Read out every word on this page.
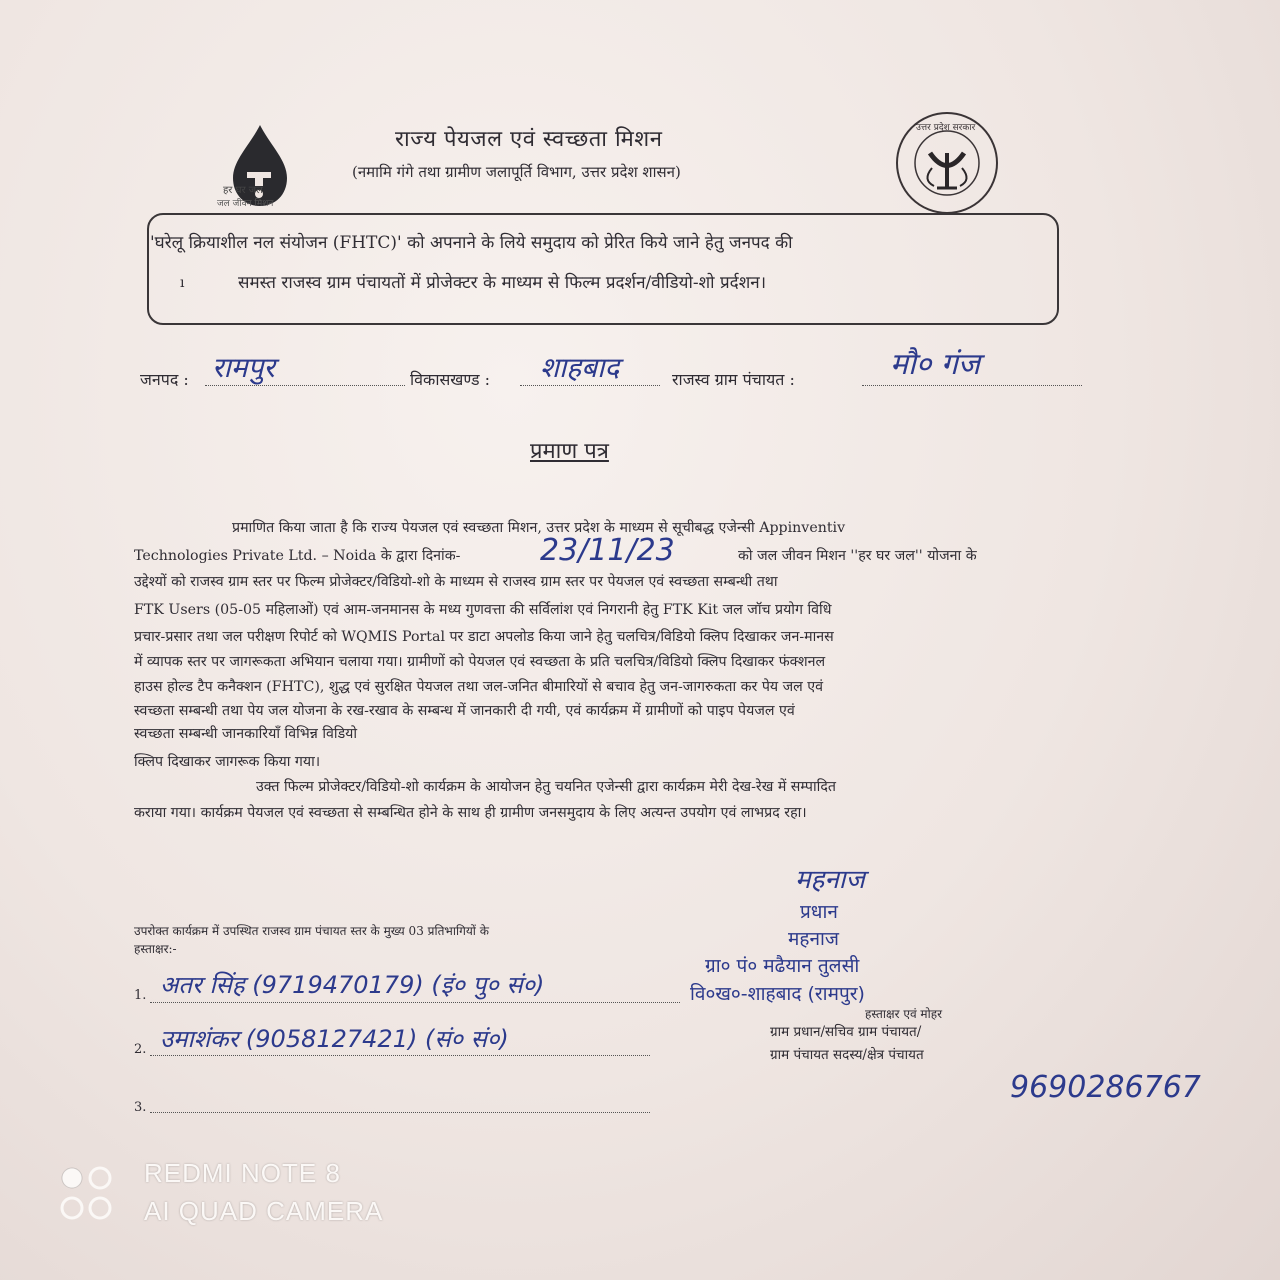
हर घर जल
जल जीवन मिशन
राज्य पेयजल एवं स्वच्छता मिशन
(नमामि गंगे तथा ग्रामीण जलापूर्ति विभाग, उत्तर प्रदेश शासन)
उत्तर प्रदेश सरकार
'घरेलू क्रियाशील नल संयोजन (FHTC)' को अपनाने के लिये समुदाय को प्रेरित किये जाने हेतु जनपद की
ı	समस्त राजस्व ग्राम पंचायतों में प्रोजेक्टर के माध्यम से फिल्म प्रदर्शन/वीडियो-शो प्रर्दशन।
जनपद : रामपुर	विकासखण्ड : शाहबाद	राजस्व ग्राम पंचायत :	मौ० गंज
प्रमाण पत्र
प्रमाणित किया जाता है कि राज्य पेयजल एवं स्वच्छता मिशन, उत्तर प्रदेश के माध्यम से सूचीबद्ध एजेन्सी Appinventiv
Technologies Private Ltd. – Noida के द्वारा दिनांक-	23/11/23	को जल जीवन मिशन ''हर घर जल'' योजना के
उद्देश्यों को राजस्व ग्राम स्तर पर फिल्म प्रोजेक्टर/विडियो-शो के माध्यम से राजस्व ग्राम स्तर पर पेयजल एवं स्वच्छता सम्बन्धी तथा
FTK Users (05-05 महिलाओं) एवं आम-जनमानस के मध्य गुणवत्ता की सर्विलांश एवं निगरानी हेतु FTK Kit जल जॉच प्रयोग विधि
प्रचार-प्रसार तथा जल परीक्षण रिपोर्ट को WQMIS Portal पर डाटा अपलोड किया जाने हेतु चलचित्र/विडियो क्लिप दिखाकर जन-मानस
में व्यापक स्तर पर जागरूकता अभियान चलाया गया। ग्रामीणों को पेयजल एवं स्वच्छता के प्रति चलचित्र/विडियो क्लिप दिखाकर फंक्शनल
हाउस होल्ड टैप कनैक्शन (FHTC), शुद्ध एवं सुरक्षित पेयजल तथा जल-जनित बीमारियों से बचाव हेतु जन-जागरुकता कर पेय जल एवं
स्वच्छता सम्बन्धी तथा पेय जल योजना के रख-रखाव के सम्बन्ध में जानकारी दी गयी, एवं कार्यक्रम में ग्रामीणों को पाइप पेयजल एवं
स्वच्छता सम्बन्धी जानकारियाँ विभिन्न विडियो
क्लिप दिखाकर जागरूक किया गया।
उक्त फिल्म प्रोजेक्टर/विडियो-शो कार्यक्रम के आयोजन हेतु चयनित एजेन्सी द्वारा कार्यक्रम मेरी देख-रेख में सम्पादित
कराया गया। कार्यक्रम पेयजल एवं स्वच्छता से सम्बन्धित होने के साथ ही ग्रामीण जनसमुदाय के लिए अत्यन्त उपयोग एवं लाभप्रद रहा।
महनाज
प्रधान
महनाज
ग्रा० पं० मढैयान तुलसी
वि०ख०-शाहबाद (रामपुर)
हस्ताक्षर एवं मोहर
ग्राम प्रधान/सचिव ग्राम पंचायत/
ग्राम पंचायत सदस्य/क्षेत्र पंचायत
9690286767
उपरोक्त कार्यक्रम में उपस्थित राजस्व ग्राम पंचायत स्तर के मुख्य 03 प्रतिभागियों के
हस्ताक्षर:-
1. अतर सिंह (9719470179) (इं० पु० सं०)
2. उमाशंकर (9058127421) (सं० सं०)
3.
REDMI NOTE 8
AI QUAD CAMERA
